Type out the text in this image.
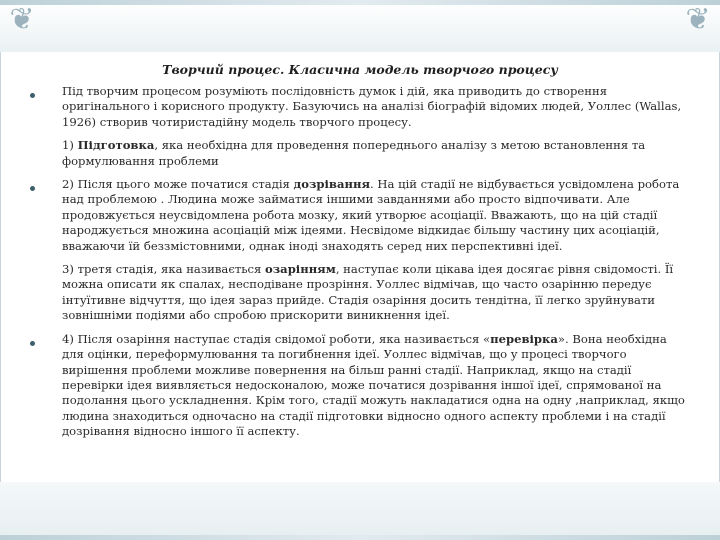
❦	❦
Творчий процес. Класична модель творчого процесу
Під творчим процесом розуміють послідовність думок і дій, яка приводить до створення оригінального і корисного продукту. Базуючись на аналізі біографій відомих людей, Уоллес (Wallas, 1926) створив чотиристадійну модель творчого процесу.
1) Підготовка, яка необхідна для проведення попереднього аналізу з метою встановлення та формулювання проблеми
2) Після цього може початися стадія дозрівання. На цій стадії не відбувається усвідомлена робота над проблемою . Людина може займатися іншими завданнями або просто відпочивати. Але продовжується неусвідомлена робота мозку, який утворює асоціації. Вважають, що на цій стадії народжується множина асоціацій між ідеями. Несвідоме відкидає більшу частину цих асоціацій, вважаючи їй беззмістовними, однак іноді знаходять серед них перспективні ідеї.
3) третя стадія, яка називається озарінням, наступає коли цікава ідея досягає рівня свідомості. Її можна описати як спалах, несподіване прозріння. Уоллес відмічав, що часто озарінню передує інтуїтивне відчуття, що ідея зараз прийде. Стадія озаріння досить тендітна, її легко зруйнувати зовнішніми подіями або спробою прискорити виникнення ідеї.
4) Після озаріння наступає стадія свідомої роботи, яка називається «перевірка». Вона необхідна для оцінки, переформулювання та погибнення ідеї. Уоллес відмічав, що у процесі творчого вирішення проблеми можливе повернення на більш ранні стадії. Наприклад, якщо на стадії перевірки ідея виявляється недосконалою, може початися дозрівання іншої ідеї, спрямованої на подолання цього ускладнення. Крім того, стадії можуть накладатися одна на одну ,наприклад, якщо людина знаходиться одночасно на стадії підготовки відносно одного аспекту проблеми і на стадії дозрівання відносно іншого її аспекту.
